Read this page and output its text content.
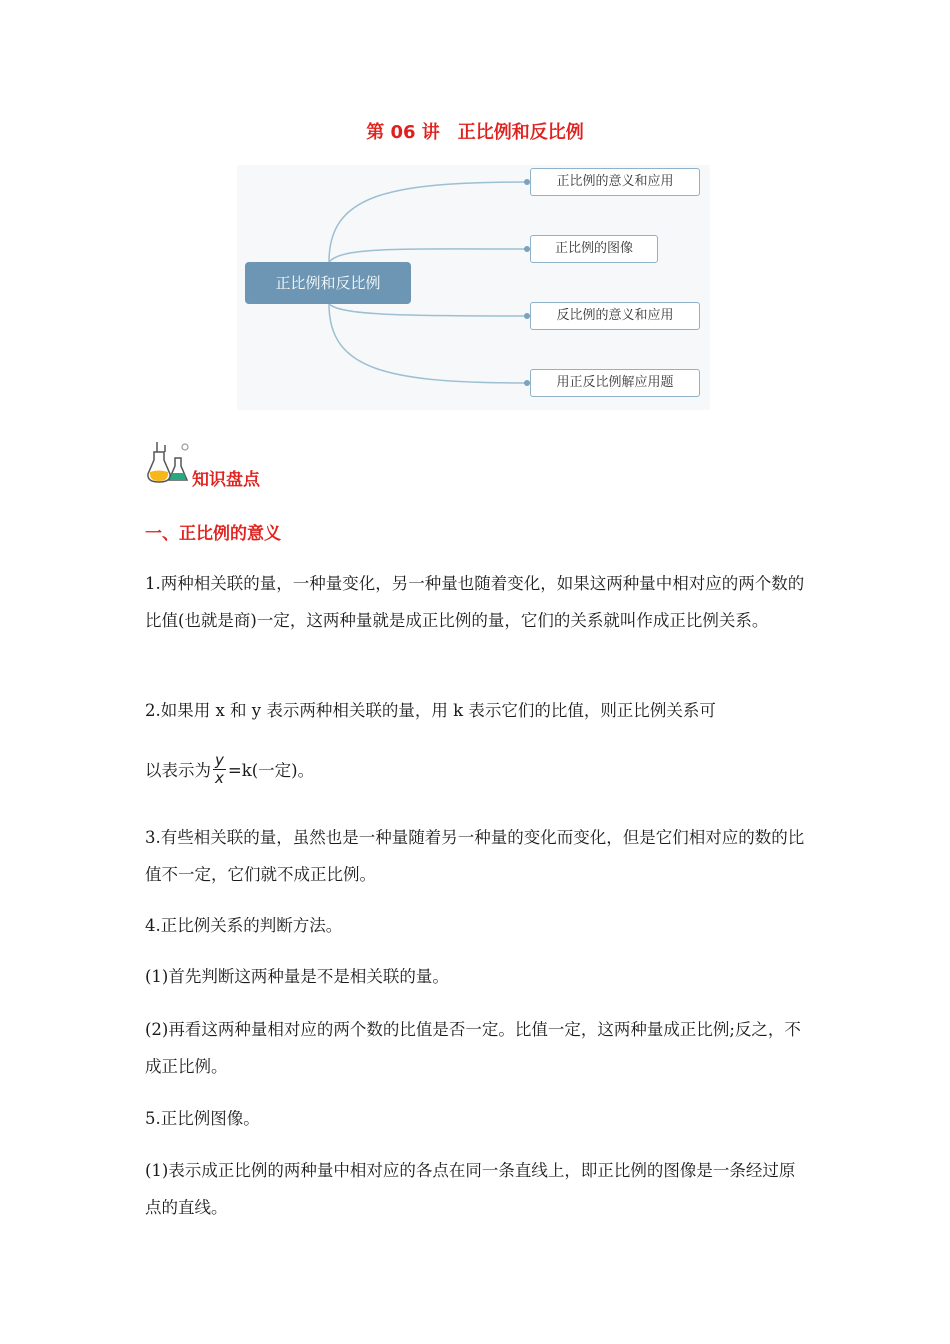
第 06 讲 正比例和反比例
正比例和反比例
正比例的意义和应用
正比例的图像
反比例的意义和应用
用正反比例解应用题
知识盘点
一、正比例的意义

1.两种相关联的量，一种量变化，另一种量也随着变化，如果这两种量中相对应的两个数的比值(也就是商)一定，这两种量就是成正比例的量，它们的关系就叫作成正比例关系。

2.如果用 x 和 y 表示两种相关联的量，用 k 表示它们的比值，则正比例关系可

以表示为 $\frac{y}{x} =k$(一定)。

3.有些相关联的量，虽然也是一种量随着另一种量的变化而变化，但是它们相对应的数的比值不一定，它们就不成正比例。

4.正比例关系的判断方法。

(1)首先判断这两种量是不是相关联的量。

(2)再看这两种量相对应的两个数的比值是否一定。比值一定，这两种量成正比例;反之，不成正比例。

5.正比例图像。

(1)表示成正比例的两种量中相对应的各点在同一条直线上，即正比例的图像是一条经过原点的直线。
